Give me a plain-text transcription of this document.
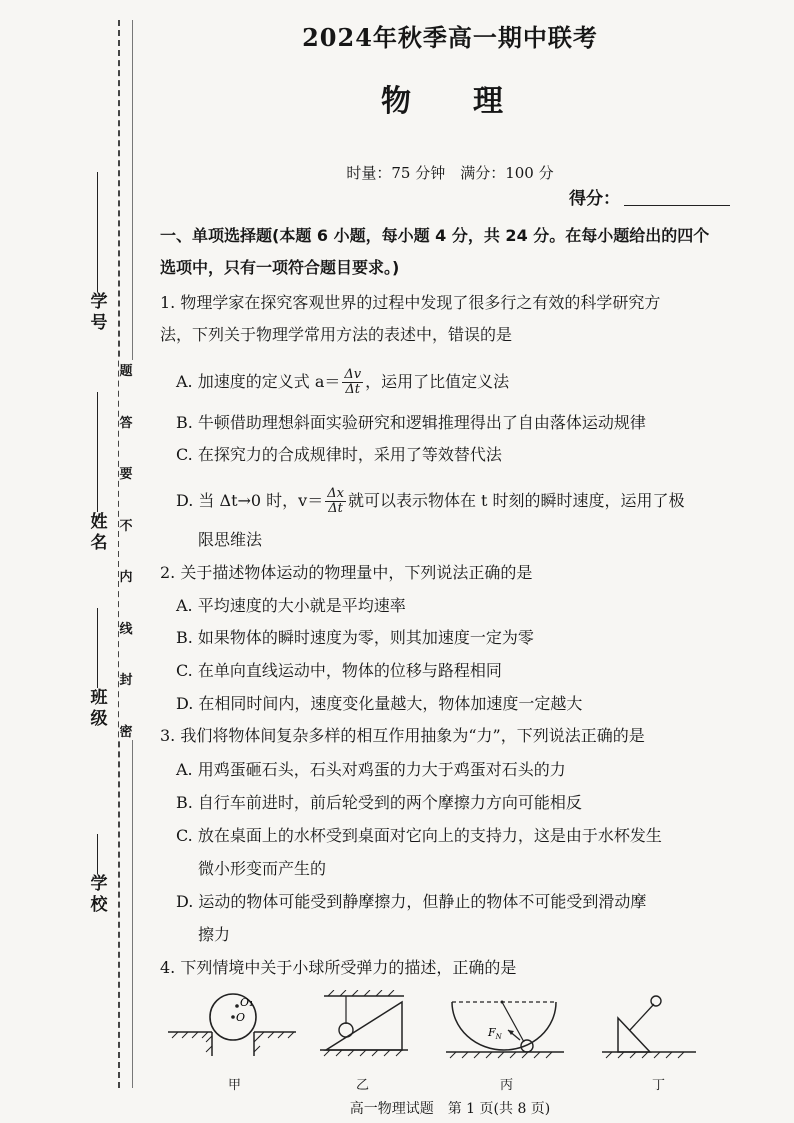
学号
姓名
班级
学校
题
答
要
不
内
线
封
密
2024年秋季高一期中联考
物　理
时量：75 分钟　满分：100 分
得分：
一、单项选择题(本题 6 小题，每小题 4 分，共 24 分。在每小题给出的四个
选项中，只有一项符合题目要求。)
1. 物理学家在探究客观世界的过程中发现了很多行之有效的科学研究方
法，下列关于物理学常用方法的表述中，错误的是
A. 加速度的定义式 $a= \frac{\Delta v}{\Delta t}$ ，运用了比值定义法
B. 牛顿借助理想斜面实验研究和逻辑推理得出了自由落体运动规律
C. 在探究力的合成规律时，采用了等效替代法
D. 当 Δt→0 时，$v= \frac{\Delta x}{\Delta t}$ 就可以表示物体在 t 时刻的瞬时速度，运用了极
限思维法
2. 关于描述物体运动的物理量中，下列说法正确的是
A. 平均速度的大小就是平均速率
B. 如果物体的瞬时速度为零，则其加速度一定为零
C. 在单向直线运动中，物体的位移与路程相同
D. 在相同时间内，速度变化量越大，物体加速度一定越大
3. 我们将物体间复杂多样的相互作用抽象为“力”，下列说法正确的是
A. 用鸡蛋砸石头，石头对鸡蛋的力大于鸡蛋对石头的力
B. 自行车前进时，前后轮受到的两个摩擦力方向可能相反
C. 放在桌面上的水杯受到桌面对它向上的支持力，这是由于水杯发生
微小形变而产生的
D. 运动的物体可能受到静摩擦力，但静止的物体不可能受到滑动摩
擦力
4. 下列情境中关于小球所受弹力的描述，正确的是
O₁
O
甲	乙
$F_N$
丙	丁
高一物理试题　第 1 页(共 8 页)
